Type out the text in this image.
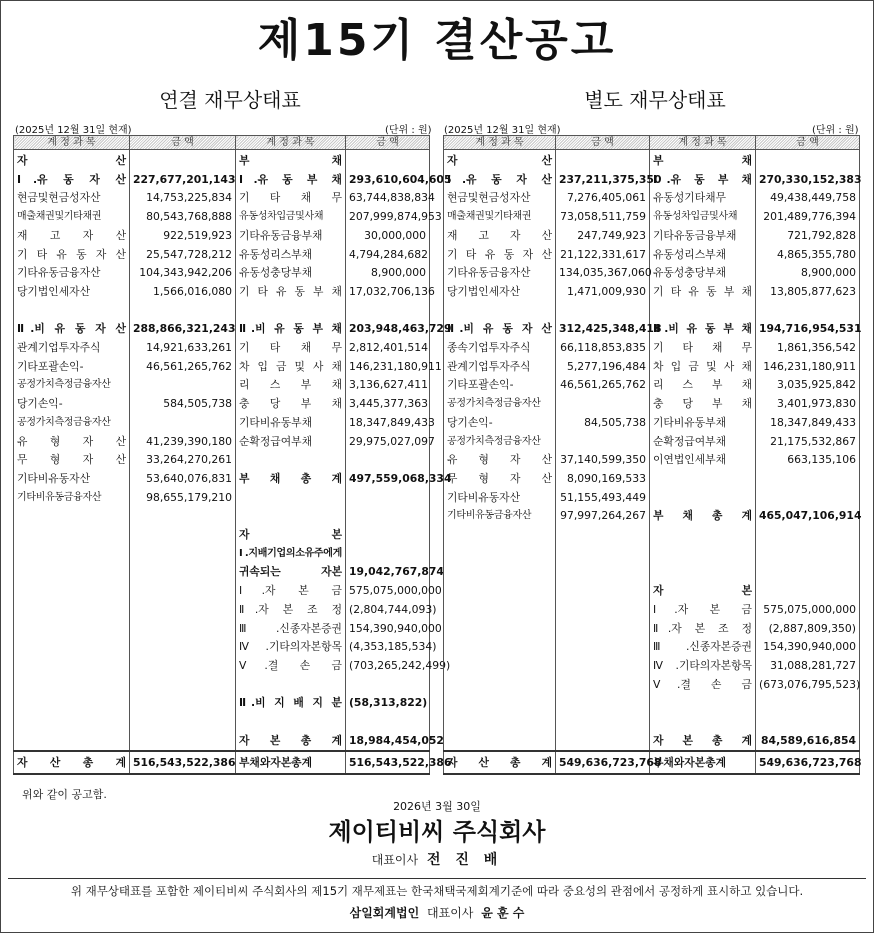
제15기 결산공고
연결 재무상태표	별도 재무상태표
(2025년 12월 31일 현재)	(단위 : 원) (2025년 12월 31일 현재)	(단위 : 원)
계 정 과 목	금 액	계 정 과 목	금 액
자 산		부 채	
Ⅰ.유 동 자 산	227,677,201,143	Ⅰ.유 동 부 채	293,610,604,605
현금및현금성자산	14,753,225,834	기 타 채 무	63,744,838,834
매출채권및기타채권	80,543,768,888	유동성차입금및사채	207,999,874,953
재 고 자 산	922,519,923	기타유동금융부채	30,000,000
기 타 유 동 자 산	25,547,728,212	유동성리스부채	4,794,284,682
기타유동금융자산	104,343,942,206	유동성충당부채	8,900,000
당기법인세자산	1,566,016,080	기 타 유 동 부 채	17,032,706,136

Ⅱ.비 유 동 자 산	288,866,321,243	Ⅱ.비 유 동 부 채	203,948,463,729
관계기업투자주식	14,921,633,261	기 타 채 무	2,812,401,514
기타포괄손익-	46,561,265,762	차 입 금 및 사 채	146,231,180,911
공정가치측정금융자산		리 스 부 채	3,136,627,411
당기손익-	584,505,738	충 당 부 채	3,445,377,363
공정가치측정금융자산		기타비유동부채	18,347,849,433
유 형 자 산	41,239,390,180	순확정급여부채	29,975,027,097
무 형 자 산	33,264,270,261		
기타비유동자산	53,640,076,831	부 채 총 계	497,559,068,334
기타비유동금융자산	98,655,179,210		

		자 본	
		Ⅰ.지배기업의소유주에게	
		귀속되는 자본	19,042,767,874
		Ⅰ.자 본 금	575,075,000,000
		Ⅱ.자 본 조 정	(2,804,744,093)
		Ⅲ.신종자본증권	154,390,940,000
		Ⅳ.기타의자본항목	(4,353,185,534)
		Ⅴ.결 손 금	(703,265,242,499)

		Ⅱ.비 지 배 지 분	(58,313,822)

		자 본 총 계	18,984,454,052
자 산 총 계	516,543,522,386	부채와자본총계	516,543,522,386
계 정 과 목	금 액	계 정 과 목	금 액
자 산		부 채	
Ⅰ.유 동 자 산	237,211,375,350	Ⅰ.유 동 부 채	270,330,152,383
현금및현금성자산	7,276,405,061	유동성기타채무	49,438,449,758
매출채권및기타채권	73,058,511,759	유동성차입금및사채	201,489,776,394
재 고 자 산	247,749,923	기타유동금융부채	721,792,828
기 타 유 동 자 산	21,122,331,617	유동성리스부채	4,865,355,780
기타유동금융자산	134,035,367,060	유동성충당부채	8,900,000
당기법인세자산	1,471,009,930	기 타 유 동 부 채	13,805,877,623

Ⅱ.비 유 동 자 산	312,425,348,418	Ⅱ.비 유 동 부 채	194,716,954,531
종속기업투자주식	66,118,853,835	기 타 채 무	1,861,356,542
관계기업투자주식	5,277,196,484	차 입 금 및 사 채	146,231,180,911
기타포괄손익-	46,561,265,762	리 스 부 채	3,035,925,842
공정가치측정금융자산		충 당 부 채	3,401,973,830
당기손익-	84,505,738	기타비유동부채	18,347,849,433
공정가치측정금융자산		순확정급여부채	21,175,532,867
유 형 자 산	37,140,599,350	이연법인세부채	663,135,106
무 형 자 산	8,090,169,533		
기타비유동자산	51,155,493,449		
기타비유동금융자산	97,997,264,267	부 채 총 계	465,047,106,914

		자 본	
		Ⅰ.자 본 금	575,075,000,000
		Ⅱ.자 본 조 정	(2,887,809,350)
		Ⅲ.신종자본증권	154,390,940,000
		Ⅳ.기타의자본항목	31,088,281,727
		Ⅴ.결 손 금	(673,076,795,523)

		자 본 총 계	84,589,616,854
자 산 총 계	549,636,723,768	부채와자본총계	549,636,723,768
위와 같이 공고함.
2026년 3월 30일
제이티비씨 주식회사
대표이사 전 진 배
위 재무상태표를 포함한 제이티비씨 주식회사의 제15기 재무제표는 한국채택국제회계기준에 따라 중요성의 관점에서 공정하게 표시하고 있습니다.
삼일회계법인 대표이사 윤 훈 수
